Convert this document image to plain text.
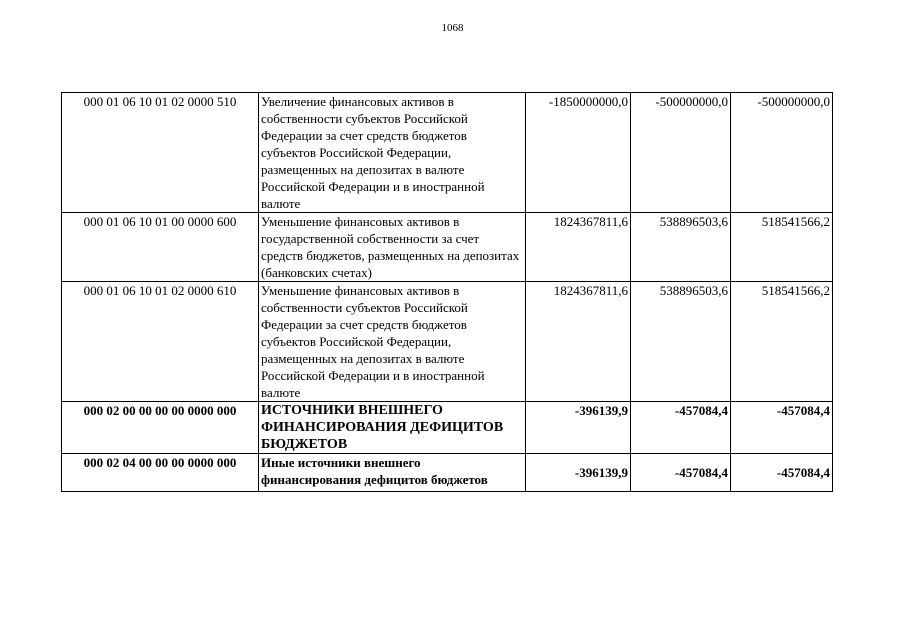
1068
000 01 06 10 01 02 0000 510	Увеличение финансовых активов в собственности субъектов Российской Федерации за счет средств бюджетов субъектов Российской Федерации, размещенных на депозитах в валюте Российской Федерации и в иностранной валюте	-1850000000,0	-500000000,0	-500000000,0
000 01 06 10 01 00 0000 600	Уменьшение финансовых активов в государственной собственности за счет средств бюджетов, размещенных на депозитах (банковских счетах)	1824367811,6	538896503,6	518541566,2
000 01 06 10 01 02 0000 610	Уменьшение финансовых активов в собственности субъектов Российской Федерации за счет средств бюджетов субъектов Российской Федерации, размещенных на депозитах в валюте Российской Федерации и в иностранной валюте	1824367811,6	538896503,6	518541566,2
000 02 00 00 00 00 0000 000	ИСТОЧНИКИ ВНЕШНЕГО ФИНАНСИРОВАНИЯ ДЕФИЦИТОВ БЮДЖЕТОВ	-396139,9	-457084,4	-457084,4
000 02 04 00 00 00 0000 000	Иные источники внешнего финансирования дефицитов бюджетов	-396139,9	-457084,4	-457084,4
